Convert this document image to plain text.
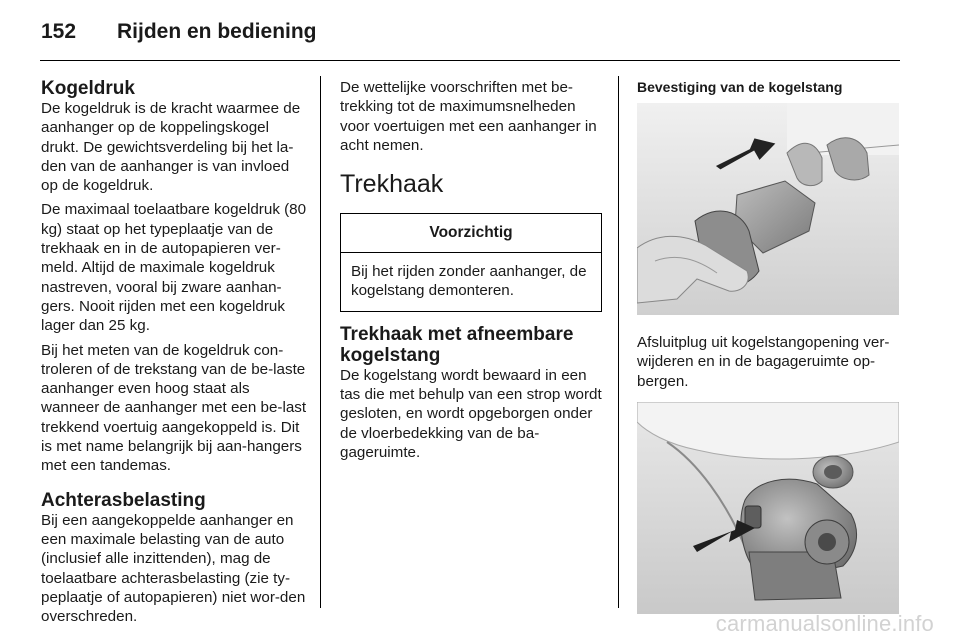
152	Rijden en bediening
Kogeldruk

De kogeldruk is de kracht waarmee de aanhanger op de koppelingskogel drukt. De gewichtsverdeling bij het la-den van de aanhanger is van invloed op de kogeldruk.

De maximaal toelaatbare kogeldruk (80 kg) staat op het typeplaatje van de trekhaak en in de autopapieren ver-meld. Altijd de maximale kogeldruk nastreven, vooral bij zware aanhan-gers. Nooit rijden met een kogeldruk lager dan 25 kg.

Bij het meten van de kogeldruk con-troleren of de trekstang van de be-laste aanhanger even hoog staat als wanneer de aanhanger met een be-last trekkend voertuig aangekoppeld is. Dit is met name belangrijk bij aan-hangers met een tandemas.

Achterasbelasting

Bij een aangekoppelde aanhanger en een maximale belasting van de auto (inclusief alle inzittenden), mag de toelaatbare achterasbelasting (zie ty-peplaatje of autopapieren) niet wor-den overschreden.

De wettelijke voorschriften met be-trekking tot de maximumsnelheden voor voertuigen met een aanhanger in acht nemen.

Trekhaak
Voorzichtig
Bij het rijden zonder aanhanger, de kogelstang demonteren.
Trekhaak met afneembare kogelstang

De kogelstang wordt bewaard in een tas die met behulp van een strop wordt gesloten, en wordt opgeborgen onder de vloerbedekking van de ba-gageruimte.

Bevestiging van de kogelstang

Afsluitplug uit kogelstangopening ver-wijderen en in de bagageruimte op-bergen.

carmanualsonline.info
